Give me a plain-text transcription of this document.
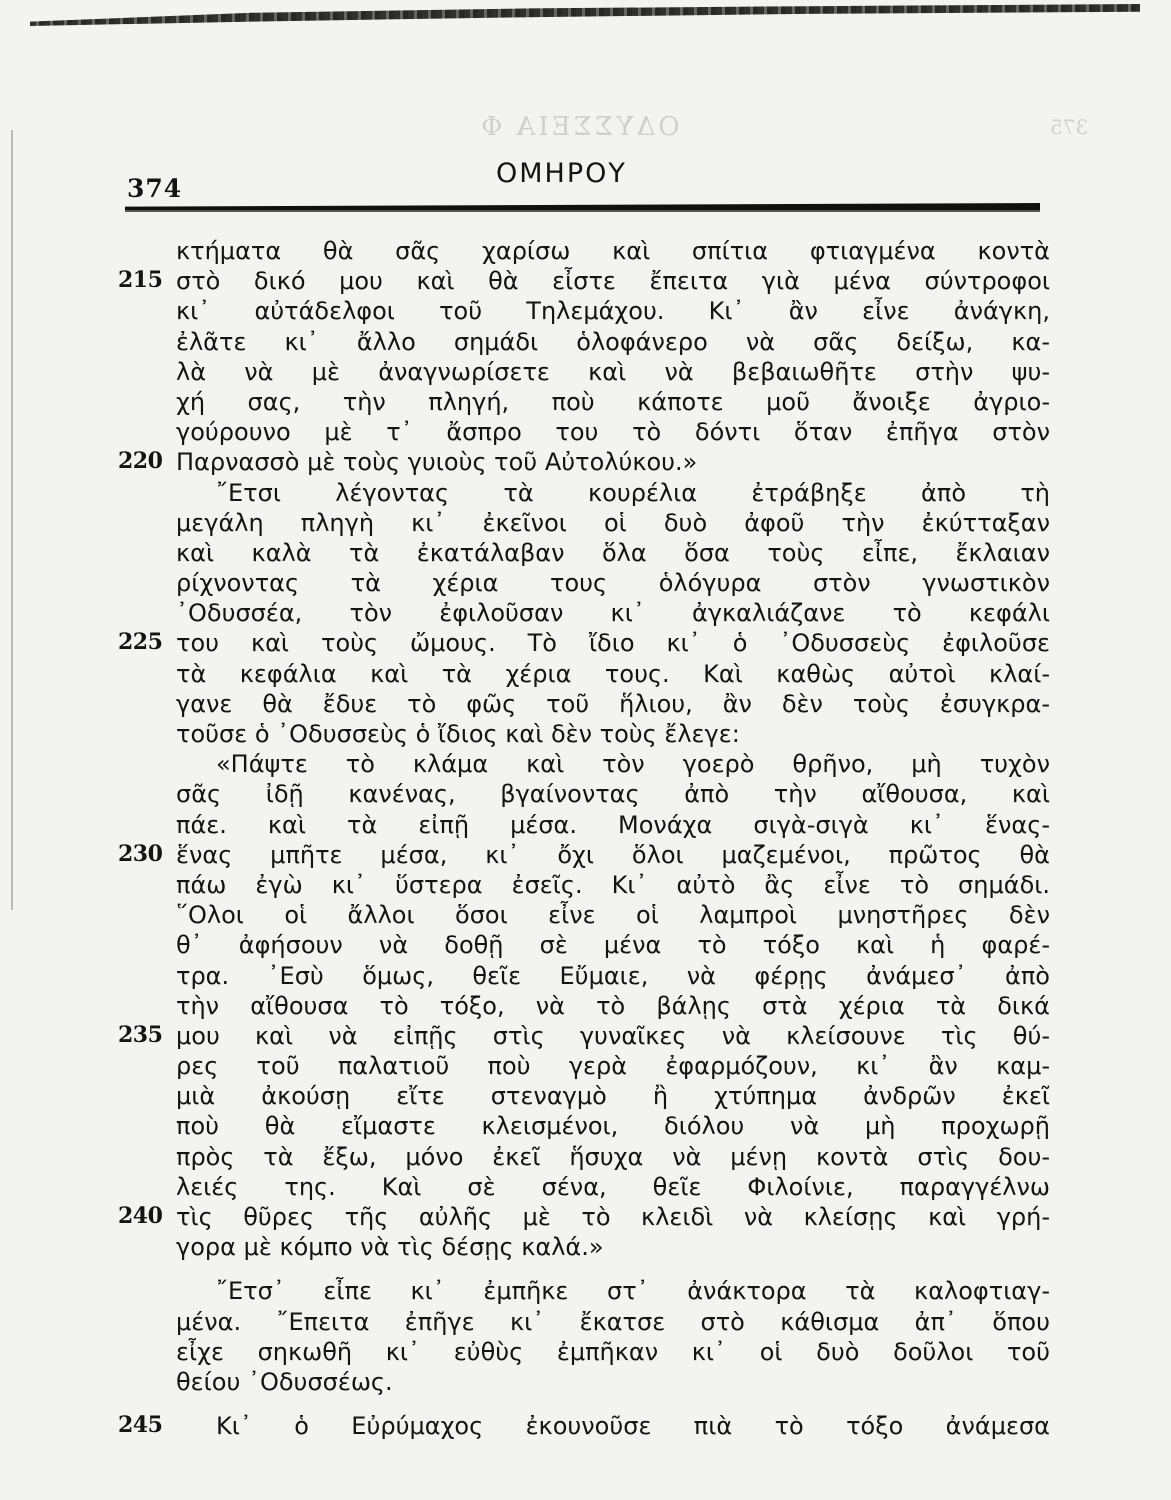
ΟΔΥΣΣΕΙΑ Φ	375
374	ΟΜΗΡΟΥ
κτήματα θὰ σᾶς χαρίσω καὶ σπίτια φτιαγμένα κοντὰ
215 στὸ δικό μου καὶ θὰ εἶστε ἔπειτα γιὰ μένα σύντροφοι
κι᾽ αὐτάδελφοι τοῦ Τηλεμάχου. Κι᾽ ἂν εἶνε ἀνάγκη,
ἐλᾶτε κι᾽ ἄλλο σημάδι ὁλοφάνερο νὰ σᾶς δείξω, κα-
λὰ νὰ μὲ ἀναγνωρίσετε καὶ νὰ βεβαιωθῆτε στὴν ψυ-
χή σας, τὴν πληγή, ποὺ κάποτε μοῦ ἄνοιξε ἀγριο-
γούρουνο μὲ τ᾽ ἄσπρο του τὸ δόντι ὅταν ἐπῆγα στὸν
220 Παρνασσὸ μὲ τοὺς γυιοὺς τοῦ Αὐτολύκου.»
῎Ετσι λέγοντας τὰ κουρέλια ἐτράβηξε ἀπὸ τὴ
μεγάλη πληγὴ κι᾽ ἐκεῖνοι οἱ δυὸ ἀφοῦ τὴν ἐκύτταξαν
καὶ καλὰ τὰ ἐκατάλαβαν ὅλα ὅσα τοὺς εἶπε, ἔκλαιαν
ρίχνοντας τὰ χέρια τους ὁλόγυρα στὸν γνωστικὸν
᾽Οδυσσέα, τὸν ἐφιλοῦσαν κι᾽ ἀγκαλιάζανε τὸ κεφάλι
225 του καὶ τοὺς ὤμους. Τὸ ἴδιο κι᾽ ὁ ᾽Οδυσσεὺς ἐφιλοῦσε
τὰ κεφάλια καὶ τὰ χέρια τους. Καὶ καθὼς αὐτοὶ κλαί-
γανε θὰ ἔδυε τὸ φῶς τοῦ ἥλιου, ἂν δὲν τοὺς ἐσυγκρα-
τοῦσε ὁ ᾽Οδυσσεὺς ὁ ἴδιος καὶ δὲν τοὺς ἔλεγε:
«Πάψτε τὸ κλάμα καὶ τὸν γοερὸ θρῆνο, μὴ τυχὸν
σᾶς ἰδῇ κανένας, βγαίνοντας ἀπὸ τὴν αἴθουσα, καὶ
πάε. καὶ τὰ εἰπῇ μέσα. Μονάχα σιγὰ-σιγὰ κι᾽ ἕνας-
230 ἕνας μπῆτε μέσα, κι᾽ ὄχι ὅλοι μαζεμένοι, πρῶτος θὰ
πάω ἐγὼ κι᾽ ὕστερα ἐσεῖς. Κι᾽ αὐτὸ ἂς εἶνε τὸ σημάδι.
῞Ολοι οἱ ἄλλοι ὅσοι εἶνε οἱ λαμπροὶ μνηστῆρες δὲν
θ᾽ ἀφήσουν νὰ δοθῇ σὲ μένα τὸ τόξο καὶ ἡ φαρέ-
τρα. ᾽Εσὺ ὅμως, θεῖε Εὔμαιε, νὰ φέρῃς ἀνάμεσ᾽ ἀπὸ
τὴν αἴθουσα τὸ τόξο, νὰ τὸ βάλῃς στὰ χέρια τὰ δικά
235 μου καὶ νὰ εἰπῇς στὶς γυναῖκες νὰ κλείσουνε τὶς θύ-
ρες τοῦ παλατιοῦ ποὺ γερὰ ἐφαρμόζουν, κι᾽ ἂν καμ-
μιὰ ἀκούσῃ εἴτε στεναγμὸ ἢ χτύπημα ἀνδρῶν ἐκεῖ
ποὺ θὰ εἴμαστε κλεισμένοι, διόλου νὰ μὴ προχωρῇ
πρὸς τὰ ἔξω, μόνο ἐκεῖ ἥσυχα νὰ μένῃ κοντὰ στὶς δου-
λειές της. Καὶ σὲ σένα, θεῖε Φιλοίνιε, παραγγέλνω
240 τὶς θῦρες τῆς αὐλῆς μὲ τὸ κλειδὶ νὰ κλείσῃς καὶ γρή-
γορα μὲ κόμπο νὰ τὶς δέσῃς καλά.»
῎Ετσ᾽ εἶπε κι᾽ ἐμπῆκε στ᾽ ἀνάκτορα τὰ καλοφτιαγ-
μένα. ῎Επειτα ἐπῆγε κι᾽ ἔκατσε στὸ κάθισμα ἀπ᾽ ὅπου
εἶχε σηκωθῆ κι᾽ εὐθὺς ἐμπῆκαν κι᾽ οἱ δυὸ δοῦλοι τοῦ
θείου ᾽Οδυσσέως.
245 Κι᾽ ὁ Εὐρύμαχος ἐκουνοῦσε πιὰ τὸ τόξο ἀνάμεσα
